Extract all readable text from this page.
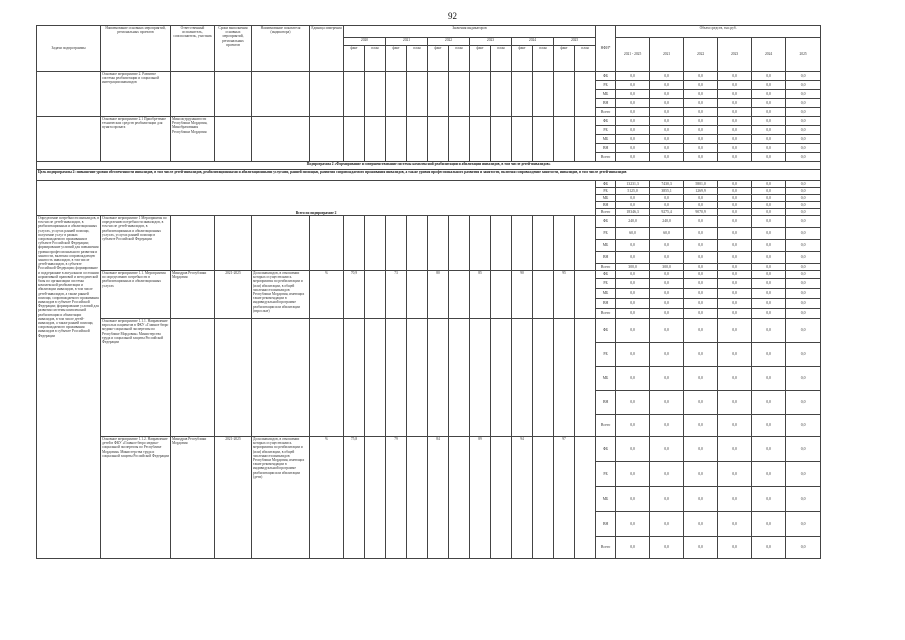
92
Задачи подпрограммы	Наименование основных мероприятий, региональных проектов	Ответственный исполнитель, соисполнитель, участник	Сроки выполнения основных мероприятий, региональных проектов	Наименование показателя (индикатора)	Единица измерения	Значения индикаторов												НФИ*	Объем средств, тыс.руб.					
						2020		2021		2022		2023		2024		2025			2021 - 2025	2021	2022	2023	2024	2025
						факт	план	факт	план	факт	план	факт	план	факт	план	факт	план							
	Основное мероприятие 2. Развитие системы реабилитации и социальной интеграции инвалидов																	ФБ	0,0	0,0	0,0	0,0	0,0	0,0
																		РБ	0,0	0,0	0,0	0,0	0,0	0,0
																		МБ	0,0	0,0	0,0	0,0	0,0	0,0
																		ВН	0,0	0,0	0,0	0,0	0,0	0,0
																		Всего	0,0	0,0	0,0	0,0	0,0	0,0
	Основное мероприятие 2.1 Приобретение технических средств реабилитации для пункта проката	Минсоцтрудзанятости Республики Мордовия, Минобразования Республики Мордовия																ФБ	0,0	0,0	0,0	0,0	0,0	0,0
																		РБ	0,0	0,0	0,0	0,0	0,0	0,0
																		МБ	0,0	0,0	0,0	0,0	0,0	0,0
																		ВН	0,0	0,0	0,0	0,0	0,0	0,0
																		Всего	0,0	0,0	0,0	0,0	0,0	0,0
Подпрограмма 2 «Формирование и совершенствование системы комплексной реабилитации и абилитации инвалидов, в том числе детей-инвалидов»																								
Цель подпрограммы 2: повышение уровня обеспеченности инвалидов, в том числе детей-инвалидов, реабилитационными и абилитационными услугами, ранней помощью, развития сопровождаемого проживания инвалидов, а также уровня профессионального развития и занятости, включая сопровождение занятости, инвалидов, в том числе детей-инвалидов																								
Всего по подпрограмме 2																		ФБ	13231,3	7430,3	5801,0	0,0	0,0	0,0
																		РБ	5125,0	3855,1	1269,9	0,0	0,0	0,0
																		МБ	0,0	0,0	0,0	0,0	0,0	0,0
																		ВН	0,0	0,0	0,0	0,0	0,0	0,0
																		Всего	18346,3	9275,4	9070,9	0,0	0,0	0,0
Определение потребности инвалидов, в том числе детей-инвалидов, в реабилитационных и абилитационных услугах, услугах ранней помощи, получение услуг в рамках сопровождаемого проживания в субъекте Российской Федерации; формирование условий для повышения уровня профессионального развития и занятости, включая сопровождаемую занятость инвалидов, в том числе детей-инвалидов, в субъекте Российской Федерации; формирование и поддержание в актуальном состоянии нормативной правовой и методической базы по организации системы комплексной реабилитации и абилитации инвалидов, в том числе детей-инвалидов, а также ранней помощи, сопровождаемого проживания инвалидов в субъекте Российской Федерации; формирование условий для развития системы комплексной реабилитации и абилитации инвалидов, в том числе детей-инвалидов, а также ранней помощи, сопровождаемого проживания инвалидов в субъекте Российской Федерации	Основное мероприятие 1 Мероприятия по определению потребности инвалидов, в том числе детей-инвалидов, в реабилитационных и абилитационных услугах, услугах ранней помощи в субъекте Российской Федерации																	ФБ	240,0	240,0	0,0	0,0	0,0	0,0
																		РБ	60,0	60,0	0,0	0,0	0,0	0,0
																		МБ	0,0	0,0	0,0	0,0	0,0	0,0
																		ВН	0,0	0,0	0,0	0,0	0,0	0,0
																		Всего	300,0	300,0	0,0	0,0	0,0	0,0
	Основное мероприятие 1.1. Мероприятия по определению потребности в реабилитационных и абилитационных услугах	Минздрав Республики Мордовия	2021-2025	Доля инвалидов, в отношении которых осуществлялись мероприятия по реабилитации и (или) абилитации, в общей численности инвалидов Республики Мордовия, имеющих такие рекомендации в индивидуальной программе реабилитации или абилитации (взрослые)	%	70,9		73		80		85		90		95		ФБ	0,0	0,0	0,0	0,0	0,0	0,0
																		РБ	0,0	0,0	0,0	0,0	0,0	0,0
																		МБ	0,0	0,0	0,0	0,0	0,0	0,0
																		ВН	0,0	0,0	0,0	0,0	0,0	0,0
																		Всего	0,0	0,0	0,0	0,0	0,0	0,0
	Основное мероприятие 1.1.1. Направление взрослых пациентов в ФКУ «Главное бюро медико-социальной экспертизы по Республике Мордовия» Министерства труда и социальной защиты Российской Федерации																	ФБ	0,0	0,0	0,0	0,0	0,0	0,0
																		РБ	0,0	0,0	0,0	0,0	0,0	0,0
																		МБ	0,0	0,0	0,0	0,0	0,0	0,0
																		ВН	0,0	0,0	0,0	0,0	0,0	0,0
																		Всего	0,0	0,0	0,0	0,0	0,0	0,0
	Основное мероприятие 1.1.2. Направление детей в ФКУ «Главное бюро медико-социальной экспертизы по Республике Мордовия» Министерства труда и социальной защиты Российской Федерации	Минздрав Республики Мордовия	2021-2025	Доля инвалидов, в отношении которых осуществлялись мероприятия по реабилитации и (или) абилитации, в общей численности инвалидов Республики Мордовия, имеющих такие рекомендации в индивидуальной программе реабилитации или абилитации (дети)	%	75,8		79		84		89		94		97		ФБ	0,0	0,0	0,0	0,0	0,0	0,0
																		РБ	0,0	0,0	0,0	0,0	0,0	0,0
																		МБ	0,0	0,0	0,0	0,0	0,0	0,0
																		ВН	0,0	0,0	0,0	0,0	0,0	0,0
																		Всего	0,0	0,0	0,0	0,0	0,0	0,0
